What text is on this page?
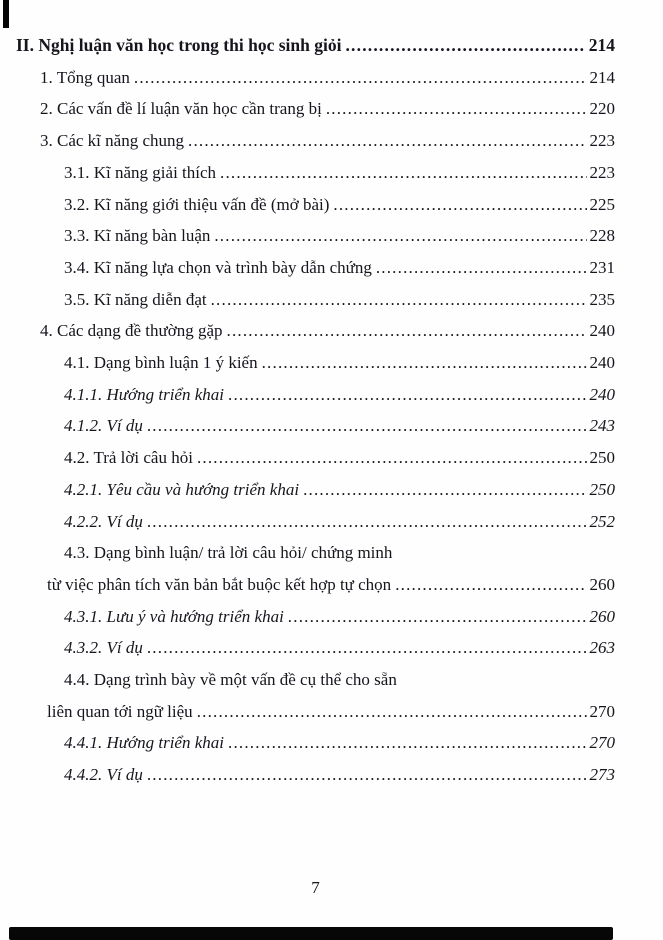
II. Nghị luận văn học trong thi học sinh giỏi .....	214
1. Tổng quan .....	214
2. Các vấn đề lí luận văn học cần trang bị .....	220
3. Các kĩ năng chung .....	223
3.1. Kĩ năng giải thích .....	223
3.2. Kĩ năng giới thiệu vấn đề (mở bài) .....	225
3.3. Kĩ năng bàn luận .....	228
3.4. Kĩ năng lựa chọn và trình bày dẫn chứng .....	231
3.5. Kĩ năng diễn đạt .....	235
4. Các dạng đề thường gặp .....	240
4.1. Dạng bình luận 1 ý kiến .....	240
4.1.1. Hướng triển khai .....	240
4.1.2. Ví dụ .....	243
4.2. Trả lời câu hỏi .....	250
4.2.1. Yêu cầu và hướng triển khai .....	250
4.2.2. Ví dụ .....	252
4.3. Dạng bình luận/ trả lời câu hỏi/ chứng minh
từ việc phân tích văn bản bắt buộc kết hợp tự chọn .....	260
4.3.1. Lưu ý và hướng triển khai .....	260
4.3.2. Ví dụ .....	263
4.4. Dạng trình bày về một vấn đề cụ thể cho sẵn
liên quan tới ngữ liệu .....	270
4.4.1. Hướng triển khai .....	270
4.4.2. Ví dụ .....	273
7
